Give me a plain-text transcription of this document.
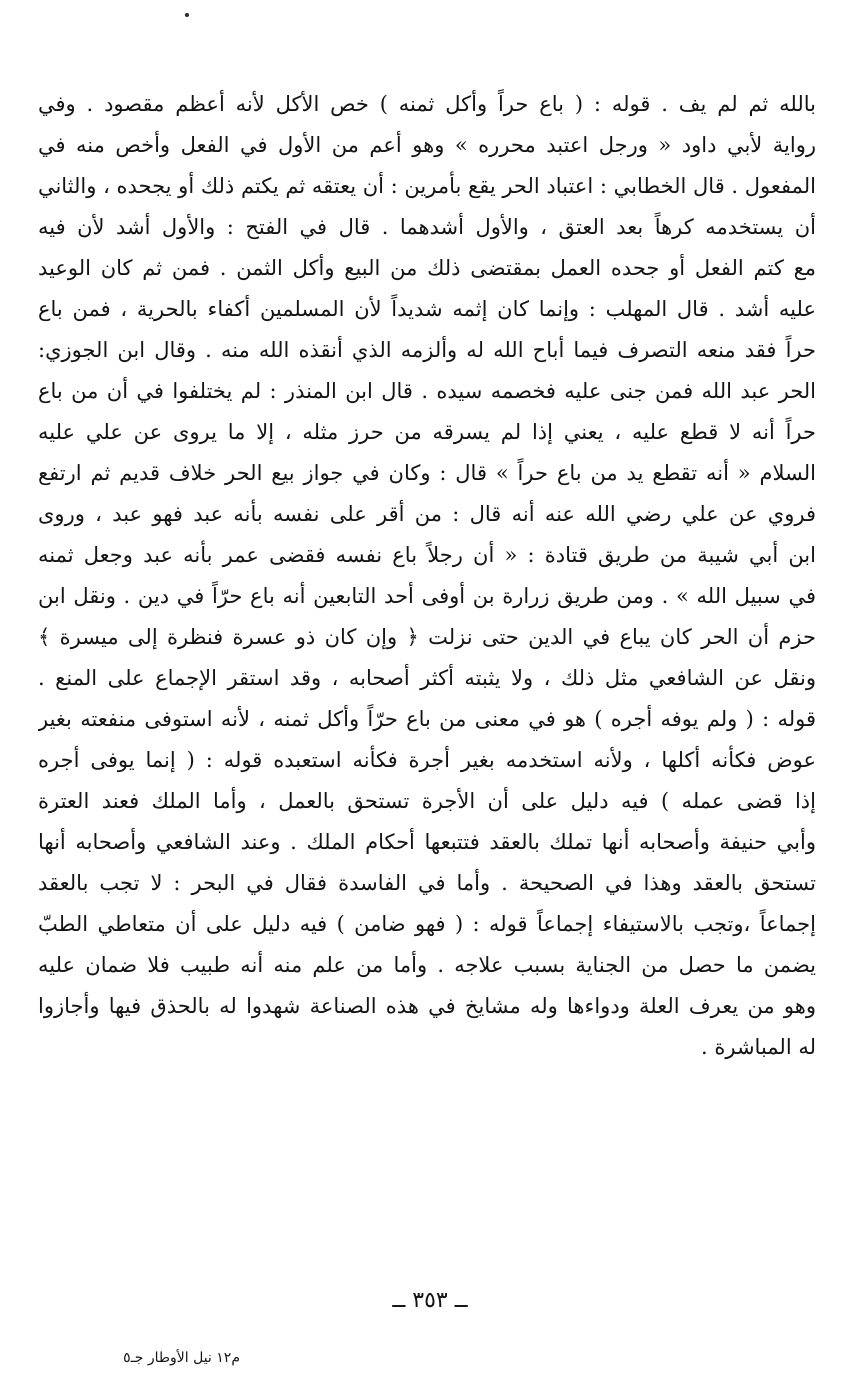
بالله ثم لم يف . قوله : ( باع حراً وأكل ثمنه ) خص الأكل لأنه أعظم مقصود . وفي
رواية لأبي داود « ورجل اعتبد محرره » وهو أعم من الأول في الفعل وأخص منه في
المفعول . قال الخطابي : اعتباد الحر يقع بأمرين : أن يعتقه ثم يكتم ذلك أو يجحده ، والثاني
أن يستخدمه كرهاً بعد العتق ، والأول أشدهما . قال في الفتح : والأول أشد لأن فيه
مع كتم الفعل أو جحده العمل بمقتضى ذلك من البيع وأكل الثمن . فمن ثم كان الوعيد
عليه أشد . قال المهلب : وإنما كان إثمه شديداً لأن المسلمين أكفاء بالحرية ، فمن باع
حراً فقد منعه التصرف فيما أباح الله له وألزمه الذي أنقذه الله منه . وقال ابن الجوزي:
الحر عبد الله فمن جنى عليه فخصمه سيده . قال ابن المنذر : لم يختلفوا في أن من باع
حراً أنه لا قطع عليه ، يعني إذا لم يسرقه من حرز مثله ، إلا ما يروى عن علي عليه
السلام « أنه تقطع يد من باع حراً » قال : وكان في جواز بيع الحر خلاف قديم ثم ارتفع
فروي عن علي رضي الله عنه أنه قال : من أقر على نفسه بأنه عبد فهو عبد ، وروى
ابن أبي شيبة من طريق قتادة : « أن رجلاً باع نفسه فقضى عمر بأنه عبد وجعل ثمنه
في سبيل الله » . ومن طريق زرارة بن أوفى أحد التابعين أنه باع حرّاً في دين . ونقل ابن
حزم أن الحر كان يباع في الدين حتى نزلت ﴿ وإن كان ذو عسرة فنظرة إلى ميسرة ﴾
ونقل عن الشافعي مثل ذلك ، ولا يثبته أكثر أصحابه ، وقد استقر الإجماع على المنع .
قوله : ( ولم يوفه أجره ) هو في معنى من باع حرّاً وأكل ثمنه ، لأنه استوفى منفعته بغير
عوض فكأنه أكلها ، ولأنه استخدمه بغير أجرة فكأنه استعبده قوله : ( إنما يوفى أجره
إذا قضى عمله ) فيه دليل على أن الأجرة تستحق بالعمل ، وأما الملك فعند العترة
وأبي حنيفة وأصحابه أنها تملك بالعقد فتتبعها أحكام الملك . وعند الشافعي وأصحابه أنها
تستحق بالعقد وهذا في الصحيحة . وأما في الفاسدة فقال في البحر : لا تجب بالعقد
إجماعاً ،وتجب بالاستيفاء إجماعاً قوله : ( فهو ضامن ) فيه دليل على أن متعاطي الطبّ
يضمن ما حصل من الجناية بسبب علاجه . وأما من علم منه أنه طبيب فلا ضمان عليه
وهو من يعرف العلة ودواءها وله مشايخ في هذه الصناعة شهدوا له بالحذق فيها وأجازوا
له المباشرة .
ــ ٣٥٣ ــ
م١٢ نيل الأوطار جـ٥
